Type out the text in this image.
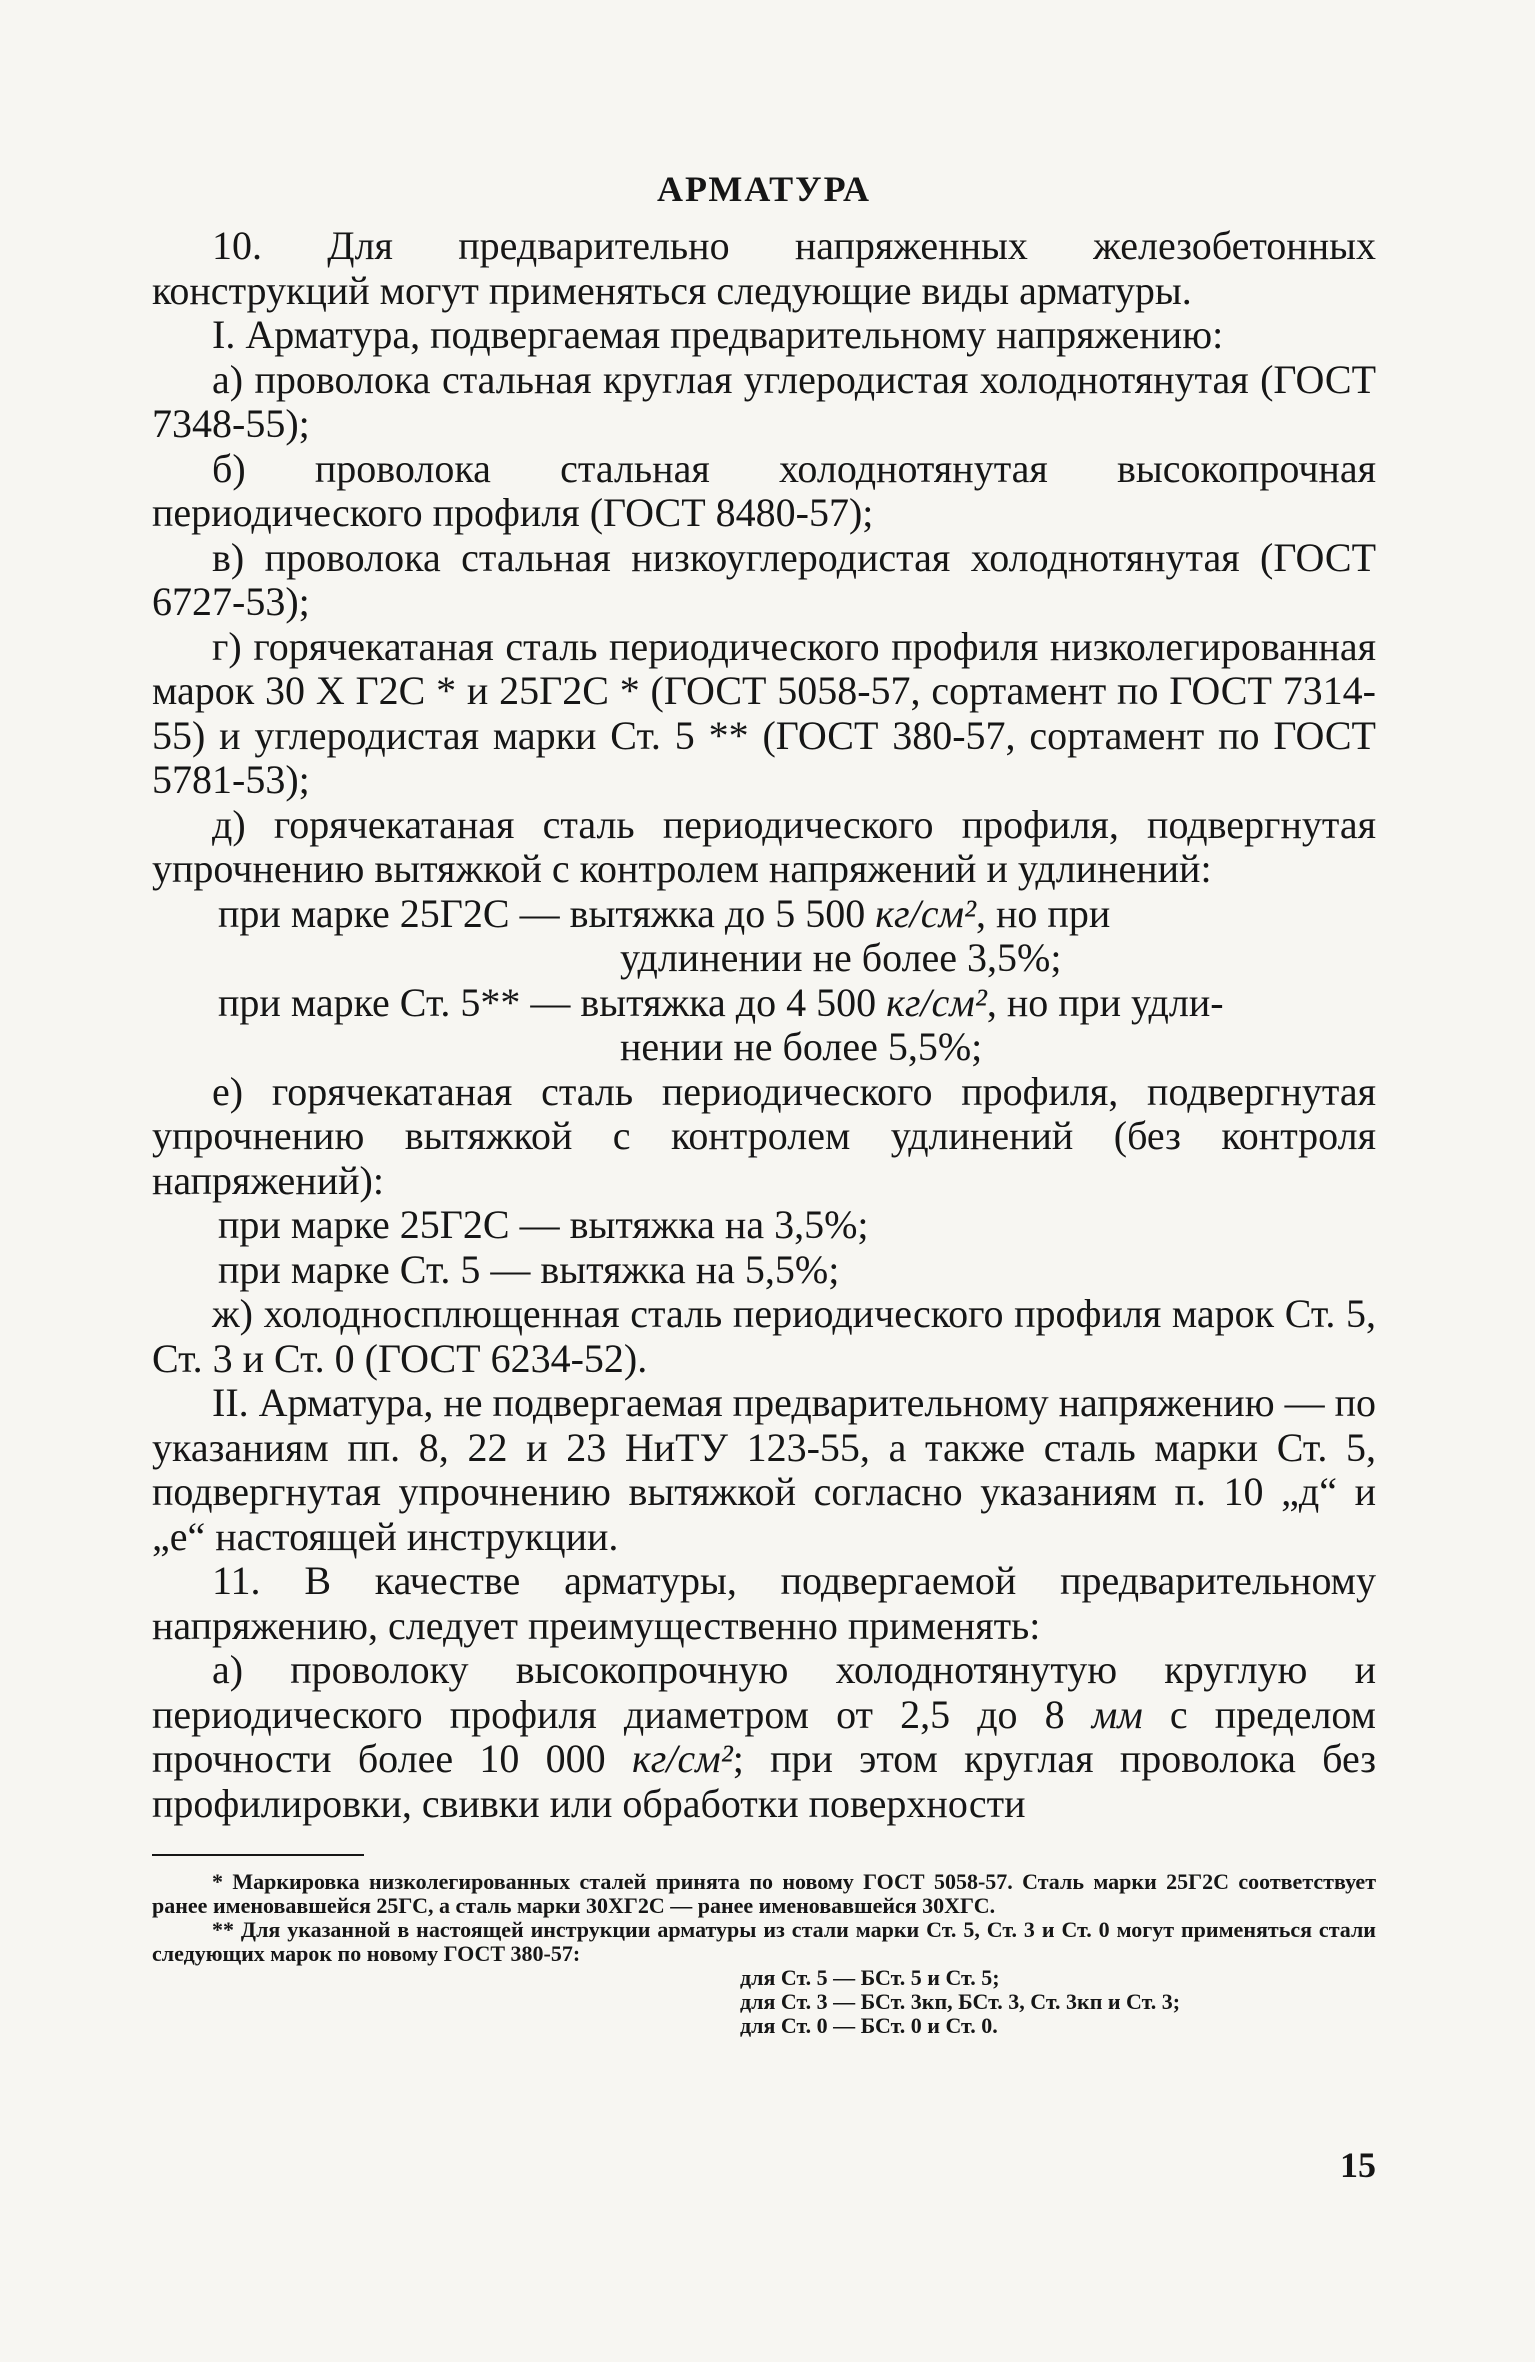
АРМАТУРА

10. Для предварительно напряженных железобетонных конструкций могут применяться следующие виды арматуры.

I. Арматура, подвергаемая предварительному напряжению:

а) проволока стальная круглая углеродистая холоднотянутая (ГОСТ 7348-55);

б) проволока стальная холоднотянутая высокопрочная периодического профиля (ГОСТ 8480-57);

в) проволока стальная низкоуглеродистая холоднотянутая (ГОСТ 6727-53);

г) горячекатаная сталь периодического профиля низколегированная марок 30 Х Г2С * и 25Г2С * (ГОСТ 5058-57, сортамент по ГОСТ 7314-55) и углеродистая марки Ст. 5 ** (ГОСТ 380-57, сортамент по ГОСТ 5781-53);

д) горячекатаная сталь периодического профиля, подвергнутая упрочнению вытяжкой с контролем напряжений и удлинений:

при марке 25Г2С — вытяжка до 5 500 кг/см², но при
удлинении не более 3,5%;

при марке Ст. 5** — вытяжка до 4 500 кг/см², но при удли-
нении не более 5,5%;

е) горячекатаная сталь периодического профиля, подвергнутая упрочнению вытяжкой с контролем удлинений (без контроля напряжений):

при марке 25Г2С — вытяжка на 3,5%;

при марке Ст. 5 — вытяжка на 5,5%;

ж) холодносплющенная сталь периодического профиля марок Ст. 5, Ст. 3 и Ст. 0 (ГОСТ 6234-52).

II. Арматура, не подвергаемая предварительному напряжению — по указаниям пп. 8, 22 и 23 НиТУ 123-55, а также сталь марки Ст. 5, подвергнутая упрочнению вытяжкой согласно указаниям п. 10 „д“ и „е“ настоящей инструкции.

11. В качестве арматуры, подвергаемой предварительному напряжению, следует преимущественно применять:

а) проволоку высокопрочную холоднотянутую круглую и периодического профиля диаметром от 2,5 до 8 мм с пределом прочности более 10 000 кг/см²; при этом круглая проволока без профилировки, свивки или обработки поверхности

* Маркировка низколегированных сталей принята по новому ГОСТ 5058-57. Сталь марки 25Г2С соответствует ранее именовавшейся 25ГС, а сталь марки 30ХГ2С — ранее именовавшейся 30ХГС.

** Для указанной в настоящей инструкции арматуры из стали марки Ст. 5, Ст. 3 и Ст. 0 могут применяться стали следующих марок по новому ГОСТ 380-57:

для Ст. 5 — БСт. 5 и Ст. 5;
для Ст. 3 — БСт. 3кп, БСт. 3, Ст. 3кп и Ст. 3;
для Ст. 0 — БСт. 0 и Ст. 0.
15
